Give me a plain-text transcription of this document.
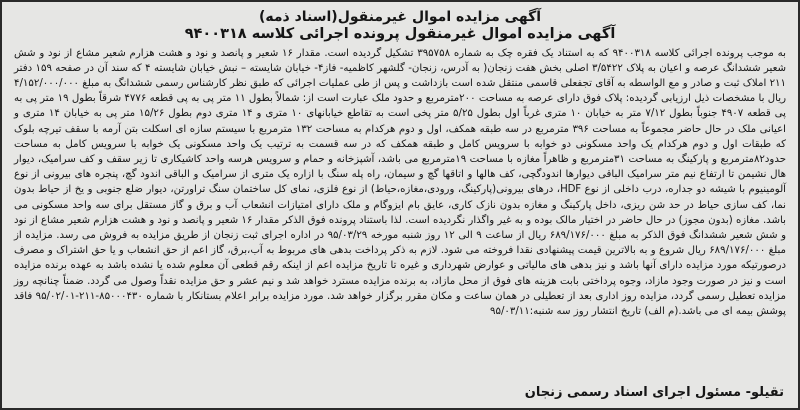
آگهی مزایده اموال غیرمنقول(اسناد ذمه)
آگهی مزایده اموال غیرمنقول پرونده اجرائی کلاسه ۹۴۰۰۳۱۸

به موجب پرونده اجرائی کلاسه ۹۴۰۰۳۱۸ که به استناد یک فقره چک به شماره ۳۹۵۷۵۸ تشکیل گردیده است. مقدار ۱۶ شعیر و پانصد و نود و هشت هزارم شعیر مشاع از نود و شش شعیر ششدانگ عرصه و اعیان به پلاک ۳/۵۴۲۲ اصلی بخش هفت زنجان( به آدرس، زنجان- گلشهر کاظمیه- فاز۴- خیابان شایسته – نبش خیابان شایسته ۴ که سند آن در صفحه ۱۵۹ دفتر ۲۱۱ املاک ثبت و صادر و مع الواسطه به آقای تجفعلی قاسمی منتقل شده است بازداشت و پس از طی عملیات اجرائی که طبق نظر کارشناس رسمی ششدانگ به مبلغ ۴/۱۵۲/۰۰۰/۰۰۰ ریال با مشخصات ذیل ارزیابی گردیده: پلاک فوق دارای عرصه به مساحت ۲۰۰مترمربع و حدود ملک عبارت است از: شمالاً بطول ۱۱ متر پی به پی قطعه ۴۷۷۶ شرقاً بطول ۱۹ متر پی به پی قطعه ۴۹۰۷ جنوباً بطول ۷/۱۲ متر به خیابان ۱۰ متری غرباً اول بطول ۵/۲۵ متر پخی است به تقاطع خیابانهای ۱۰ متری و ۱۴ متری دوم بطول ۱۵/۲۶ متر پی به خیابان ۱۴ متری و اعیانی ملک در حال حاضر مجموعاً به مساحت ۳۹۶ مترمربع در سه طبقه همکف، اول و دوم هرکدام به مساحت ۱۳۲ مترمربع با سیستم سازه ای اسکلت بتن آرمه با سقف تیرچه بلوک که طبقات اول و دوم هرکدام یک واحد مسکونی دو خوابه با سرویس کامل و طبقه همکف که در سه قسمت به ترتیب یک واحد مسکونی یک خوابه با سرویس کامل به مساحت حدود۸۲مترمربع و پارکینگ به مساحت ۳۱مترمربع و ظاهراً مغازه با مساحت ۱۹مترمربع می باشد، آشپزخانه و حمام و سرویس هرسه واحد کاشیکاری تا زیر سقف و کف سرامیک، دیوار هال نشیمن تا ارتفاع نیم متر سرامیک الباقی دیوارها اندودگچی، کف هالها و اتاقها گچ و سیمان، راه پله سنگ با ازاره یک متری از سرامیک و الباقی اندود گچ، پنجره های بیرونی از نوع آلومینیوم با شیشه دو جداره، درب داخلی از نوع HDF، درهای بیرونی(پارکینگ، ورودی،مغازه،حیاط) از نوع فلزی، نمای کل ساختمان سنگ تراورتن، دیوار ضلع جنوبی و یخ از حیاط بدون نما، کف سازی حیاط در حد شن ریزی، داخل پارکینگ و مغازه بدون نازک کاری، عایق بام ایزوگام و ملک دارای امتیازات انشعاب آب و برق و گاز مستقل برای سه واحد مسکونی می باشد. مغازه (بدون مجوز) در حال حاضر در اختیار مالک بوده و به غیر واگذار نگردیده است. لذا باستناد پرونده فوق الذکر مقدار ۱۶ شعیر و پانصد و نود و هشت هزارم شعیر مشاع از نود و شش شعیر ششدانگ فوق الذکر به مبلغ ۶۸۹/۱۷۶/۰۰۰ ریال از ساعت ۹ الی ۱۲ روز شنبه مورخه ۹۵/۰۳/۲۹ در اداره اجرای ثبت زنجان از طریق مزایده به فروش می رسد. مزایده از مبلغ ۶۸۹/۱۷۶/۰۰۰ ریال شروع و به بالاترین قیمت پیشنهادی نقدا فروخته می شود. لازم به ذکر پرداخت بدهی های مربوط به آب،برق، گاز اعم از حق انشعاب و یا حق اشتراک و مصرف درصورتیکه مورد مزایده دارای آنها باشد و نیز بدهی های مالیاتی و عوارض شهرداری و غیره تا تاریخ مزایده اعم از اینکه رقم قطعی آن معلوم شده یا نشده باشد به عهده برنده مزایده است و نیز در صورت وجود مازاد، وجوه پرداختی بابت هزینه های فوق از محل مازاد، به برنده مزایده مسترد خواهد شد و نیم عشر و حق مزایده نقداً وصول می گردد. ضمناً چنانچه روز مزایده تعطیل رسمی گردد، مزایده روز اداری بعد از تعطیلی در همان ساعت و مکان مقرر برگزار خواهد شد. مورد مزایده برابر اعلام بستانکار با شماره ۸۵۰۰۰۴۳۰-۲۱۱-۹۵/۰۲/۰۱ فاقد پوشش بیمه ای می باشد.(م الف) تاریخ انتشار روز سه شنبه:۹۵/۰۳/۱۱

تقیلو- مسئول اجرای اسناد رسمی زنجان
